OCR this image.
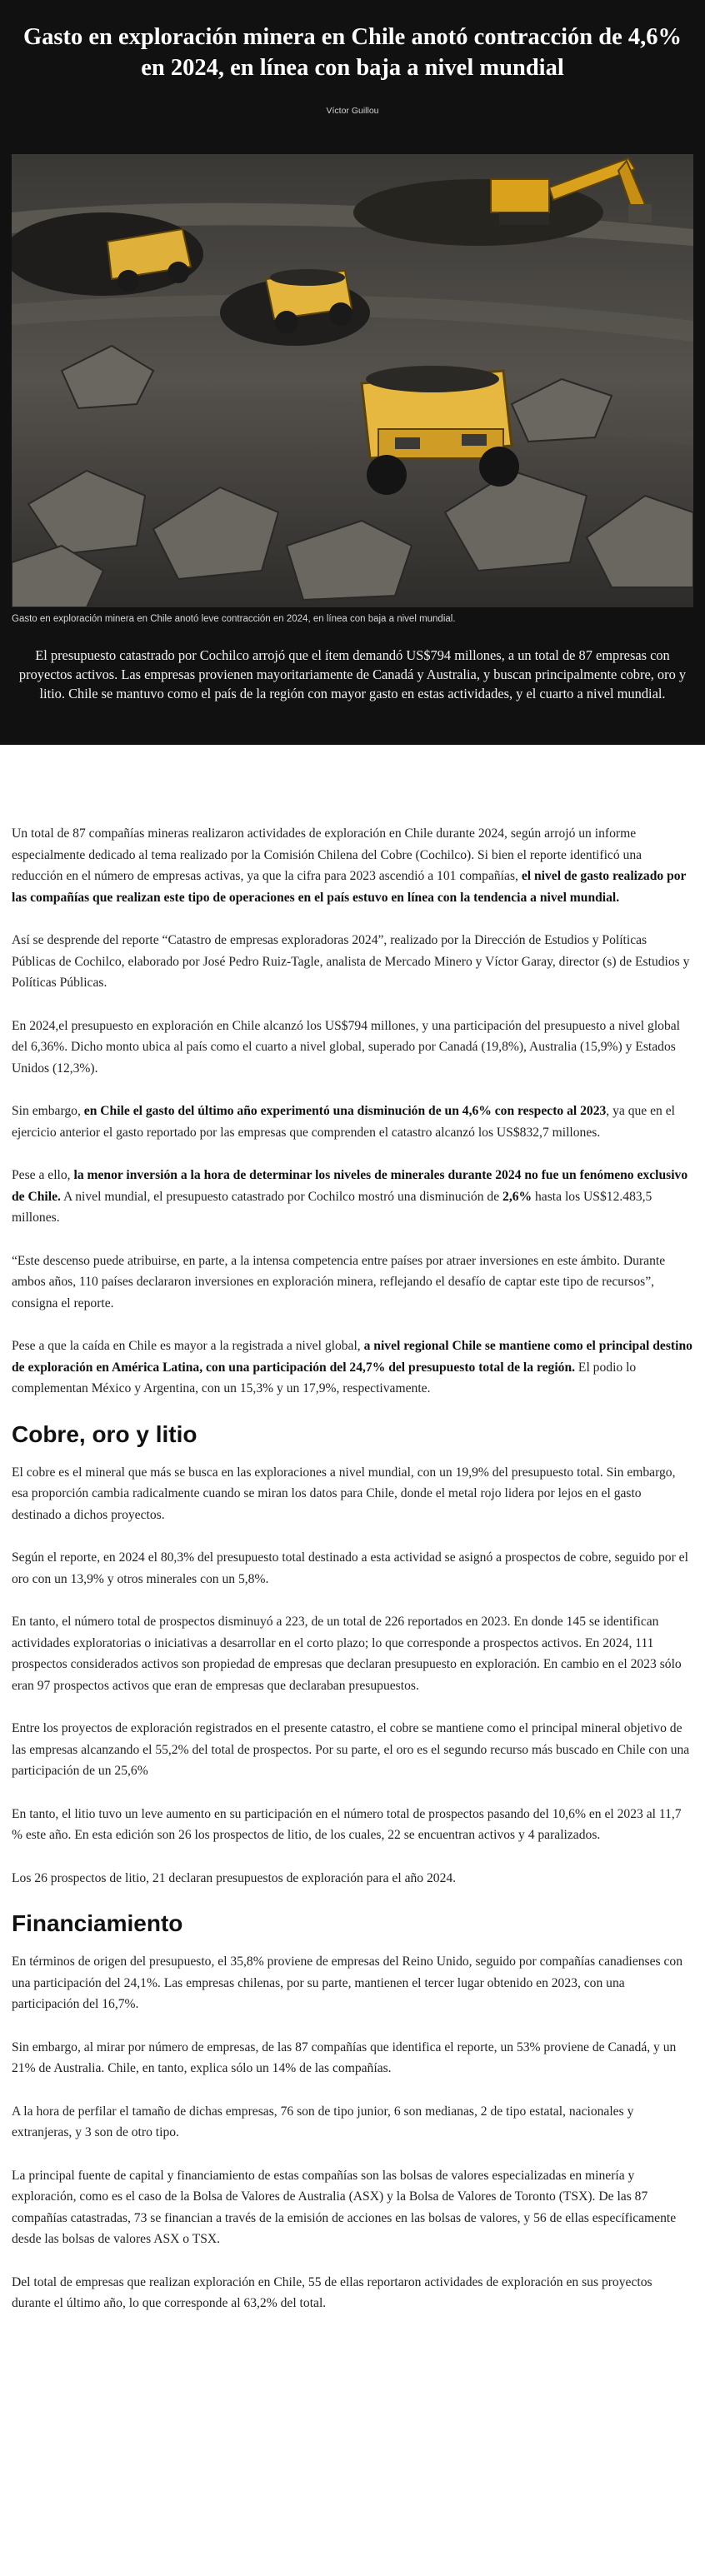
Gasto en exploración minera en Chile anotó contracción de 4,6% en 2024, en línea con baja a nivel mundial
Víctor Guillou
Gasto en exploración minera en Chile anotó leve contracción en 2024, en línea con baja a nivel mundial.
El presupuesto catastrado por Cochilco arrojó que el ítem demandó US$794 millones, a un total de 87 empresas con proyectos activos. Las empresas provienen mayoritariamente de Canadá y Australia, y buscan principalmente cobre, oro y litio. Chile se mantuvo como el país de la región con mayor gasto en estas actividades, y el cuarto a nivel mundial.

Un total de 87 compañías mineras realizaron actividades de exploración en Chile durante 2024, según arrojó un informe especialmente dedicado al tema realizado por la Comisión Chilena del Cobre (Cochilco). Si bien el reporte identificó una reducción en el número de empresas activas, ya que la cifra para 2023 ascendió a 101 compañías, el nivel de gasto realizado por las compañías que realizan este tipo de operaciones en el país estuvo en línea con la tendencia a nivel mundial.

Así se desprende del reporte “Catastro de empresas exploradoras 2024”, realizado por la Dirección de Estudios y Políticas Públicas de Cochilco, elaborado por José Pedro Ruiz-Tagle, analista de Mercado Minero y Víctor Garay, director (s) de Estudios y Políticas Públicas.

En 2024,el presupuesto en exploración en Chile alcanzó los US$794 millones, y una participación del presupuesto a nivel global del 6,36%. Dicho monto ubica al país como el cuarto a nivel global, superado por Canadá (19,8%), Australia (15,9%) y Estados Unidos (12,3%).

Sin embargo, en Chile el gasto del último año experimentó una disminución de un 4,6% con respecto al 2023, ya que en el ejercicio anterior el gasto reportado por las empresas que comprenden el catastro alcanzó los US$832,7 millones.

Pese a ello, la menor inversión a la hora de determinar los niveles de minerales durante 2024 no fue un fenómeno exclusivo de Chile. A nivel mundial, el presupuesto catastrado por Cochilco mostró una disminución de 2,6% hasta los US$12.483,5 millones.

“Este descenso puede atribuirse, en parte, a la intensa competencia entre países por atraer inversiones en este ámbito. Durante ambos años, 110 países declararon inversiones en exploración minera, reflejando el desafío de captar este tipo de recursos”, consigna el reporte.

Pese a que la caída en Chile es mayor a la registrada a nivel global, a nivel regional Chile se mantiene como el principal destino de exploración en América Latina, con una participación del 24,7% del presupuesto total de la región. El podio lo complementan México y Argentina, con un 15,3% y un 17,9%, respectivamente.

Cobre, oro y litio

El cobre es el mineral que más se busca en las exploraciones a nivel mundial, con un 19,9% del presupuesto total. Sin embargo, esa proporción cambia radicalmente cuando se miran los datos para Chile, donde el metal rojo lidera por lejos en el gasto destinado a dichos proyectos.

Según el reporte, en 2024 el 80,3% del presupuesto total destinado a esta actividad se asignó a prospectos de cobre, seguido por el oro con un 13,9% y otros minerales con un 5,8%.

En tanto, el número total de prospectos disminuyó a 223, de un total de 226 reportados en 2023. En donde 145 se identifican actividades exploratorias o iniciativas a desarrollar en el corto plazo; lo que corresponde a prospectos activos. En 2024, 111 prospectos considerados activos son propiedad de empresas que declaran presupuesto en exploración. En cambio en el 2023 sólo eran 97 prospectos activos que eran de empresas que declaraban presupuestos.

Entre los proyectos de exploración registrados en el presente catastro, el cobre se mantiene como el principal mineral objetivo de las empresas alcanzando el 55,2% del total de prospectos. Por su parte, el oro es el segundo recurso más buscado en Chile con una participación de un 25,6%

En tanto, el litio tuvo un leve aumento en su participación en el número total de prospectos pasando del 10,6% en el 2023 al 11,7 % este año. En esta edición son 26 los prospectos de litio, de los cuales, 22 se encuentran activos y 4 paralizados.

Los 26 prospectos de litio, 21 declaran presupuestos de exploración para el año 2024.

Financiamiento

En términos de origen del presupuesto, el 35,8% proviene de empresas del Reino Unido, seguido por compañías canadienses con una participación del 24,1%. Las empresas chilenas, por su parte, mantienen el tercer lugar obtenido en 2023, con una participación del 16,7%.

Sin embargo, al mirar por número de empresas, de las 87 compañías que identifica el reporte, un 53% proviene de Canadá, y un 21% de Australia. Chile, en tanto, explica sólo un 14% de las compañías.

A la hora de perfilar el tamaño de dichas empresas, 76 son de tipo junior, 6 son medianas, 2 de tipo estatal, nacionales y extranjeras, y 3 son de otro tipo.

La principal fuente de capital y financiamiento de estas compañías son las bolsas de valores especializadas en minería y exploración, como es el caso de la Bolsa de Valores de Australia (ASX) y la Bolsa de Valores de Toronto (TSX). De las 87 compañías catastradas, 73 se financian a través de la emisión de acciones en las bolsas de valores, y 56 de ellas específicamente desde las bolsas de valores ASX o TSX.

Del total de empresas que realizan exploración en Chile, 55 de ellas reportaron actividades de exploración en sus proyectos durante el último año, lo que corresponde al 63,2% del total.
